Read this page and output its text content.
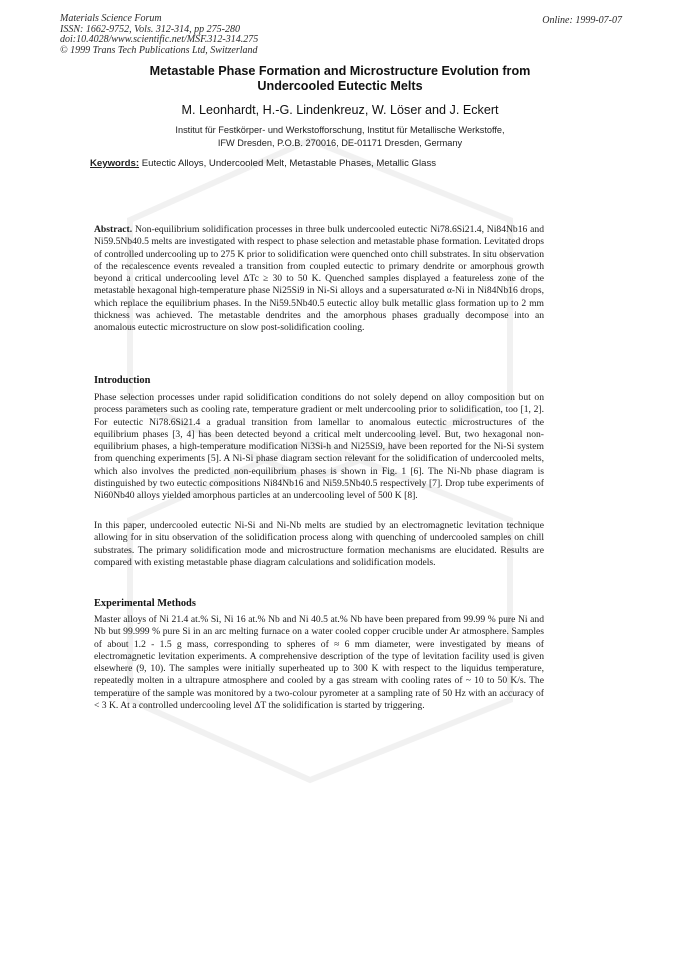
Materials Science Forum
ISSN: 1662-9752, Vols. 312-314, pp 275-280
doi:10.4028/www.scientific.net/MSF.312-314.275
© 1999 Trans Tech Publications Ltd, Switzerland
Online: 1999-07-07
Metastable Phase Formation and Microstructure Evolution from
Undercooled Eutectic Melts
M. Leonhardt, H.-G. Lindenkreuz, W. Löser and J. Eckert
Institut für Festkörper- und Werkstofforschung, Institut für Metallische Werkstoffe,
IFW Dresden, P.O.B. 270016, DE-01171 Dresden, Germany
Keywords: Eutectic Alloys, Undercooled Melt, Metastable Phases, Metallic Glass
Abstract. Non-equilibrium solidification processes in three bulk undercooled eutectic Ni78.6Si21.4, Ni84Nb16 and Ni59.5Nb40.5 melts are investigated with respect to phase selection and metastable phase formation. Levitated drops of controlled undercooling up to 275 K prior to solidification were quenched onto chill substrates. In situ observation of the recalescence events revealed a transition from coupled eutectic to primary dendrite or amorphous growth beyond a critical undercooling level ΔTc ≥ 30 to 50 K. Quenched samples displayed a featureless zone of the metastable hexagonal high-temperature phase Ni25Si9 in Ni-Si alloys and a supersaturated α-Ni in Ni84Nb16 drops, which replace the equilibrium phases. In the Ni59.5Nb40.5 eutectic alloy bulk metallic glass formation up to 2 mm thickness was achieved. The metastable dendrites and the amorphous phases gradually decompose into an anomalous eutectic microstructure on slow post-solidification cooling.
Introduction
Phase selection processes under rapid solidification conditions do not solely depend on alloy composition but on process parameters such as cooling rate, temperature gradient or melt undercooling prior to solidification, too [1, 2]. For eutectic Ni78.6Si21.4 a gradual transition from lamellar to anomalous eutectic microstructures of the equilibrium phases [3, 4] has been detected beyond a critical melt undercooling level. But, two hexagonal non-equilibrium phases, a high-temperature modification Ni3Si-h and Ni25Si9, have been reported for the Ni-Si system from quenching experiments [5]. A Ni-Si phase diagram section relevant for the solidification of undercooled melts, which also involves the predicted non-equilibrium phases is shown in Fig. 1 [6]. The Ni-Nb phase diagram is distinguished by two eutectic compositions Ni84Nb16 and Ni59.5Nb40.5 respectively [7]. Drop tube experiments of Ni60Nb40 alloys yielded amorphous particles at an undercooling level of 500 K [8].
In this paper, undercooled eutectic Ni-Si and Ni-Nb melts are studied by an electromagnetic levitation technique allowing for in situ observation of the solidification process along with quenching of undercooled samples on chill substrates. The primary solidification mode and microstructure formation mechanisms are elucidated. Results are compared with existing metastable phase diagram calculations and solidification models.
Experimental Methods
Master alloys of Ni 21.4 at.% Si, Ni 16 at.% Nb and Ni 40.5 at.% Nb have been prepared from 99.99 % pure Ni and Nb but 99.999 % pure Si in an arc melting furnace on a water cooled copper crucible under Ar atmosphere. Samples of about 1.2 - 1.5 g mass, corresponding to spheres of ≈ 6 mm diameter, were investigated by means of electromagnetic levitation experiments. A comprehensive description of the type of levitation facility used is given elsewhere (9, 10). The samples were initially superheated up to 300 K with respect to the liquidus temperature, repeatedly molten in a ultrapure atmosphere and cooled by a gas stream with cooling rates of ~ 10 to 50 K/s. The temperature of the sample was monitored by a two-colour pyrometer at a sampling rate of 50 Hz with an accuracy of < 3 K. At a controlled undercooling level ΔT the solidification is started by triggering.
